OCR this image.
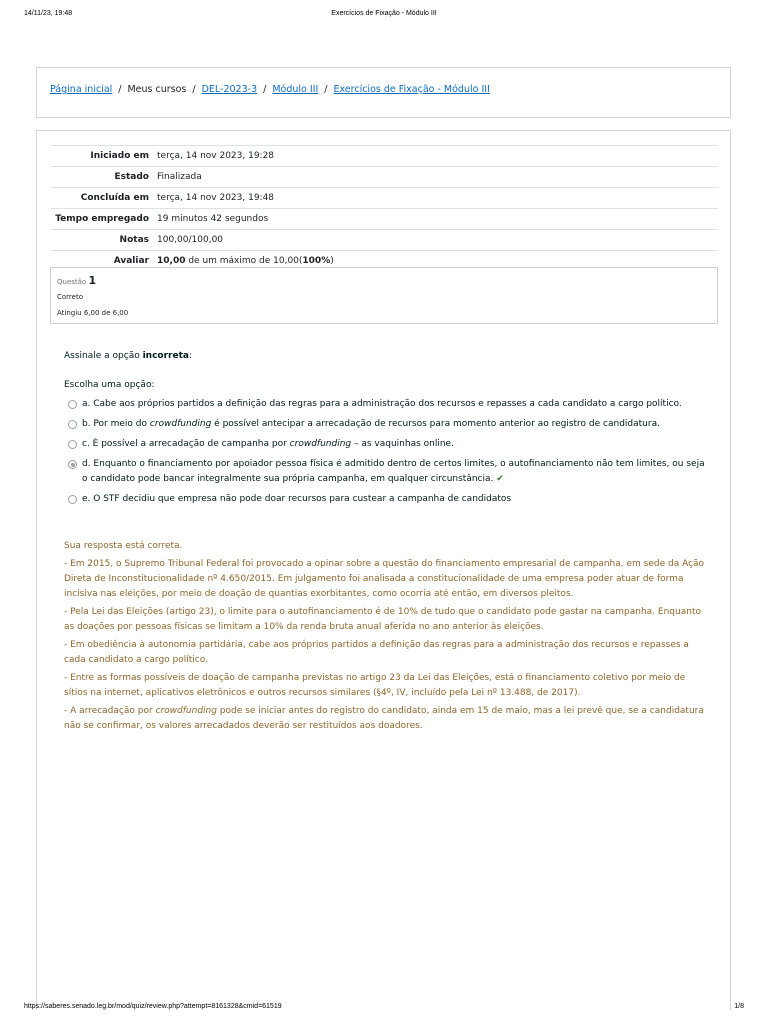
14/11/23, 19:48	Exercícios de Fixação - Módulo III
Página inicial / Meus cursos / DEL-2023-3 / Módulo III / Exercícios de Fixação - Módulo III
Iniciado em	terça, 14 nov 2023, 19:28
Estado	Finalizada
Concluída em	terça, 14 nov 2023, 19:48
Tempo empregado	19 minutos 42 segundos
Notas	100,00/100,00
Avaliar	10,00 de um máximo de 10,00(100%)
Questão 1
Correto
Atingiu 6,00 de 6,00
Assinale a opção incorreta:
Escolha uma opção:
a. Cabe aos próprios partidos a definição das regras para a administração dos recursos e repasses a cada candidato a cargo político.
b. Por meio do crowdfunding é possível antecipar a arrecadação de recursos para momento anterior ao registro de candidatura.
c. É possível a arrecadação de campanha por crowdfunding – as vaquinhas online.
d. Enquanto o financiamento por apoiador pessoa física é admitido dentro de certos limites, o autofinanciamento não tem limites, ou seja o candidato pode bancar integralmente sua própria campanha, em qualquer circunstância. ✔
e. O STF decidiu que empresa não pode doar recursos para custear a campanha de candidatos

Sua resposta está correta.

- Em 2015, o Supremo Tribunal Federal foi provocado a opinar sobre a questão do financiamento empresarial de campanha, em sede da Ação Direta de Inconstitucionalidade nº 4.650/2015. Em julgamento foi analisada a constitucionalidade de uma empresa poder atuar de forma incisiva nas eleições, por meio de doação de quantias exorbitantes, como ocorria até então, em diversos pleitos.

- Pela Lei das Eleições (artigo 23), o limite para o autofinanciamento é de 10% de tudo que o candidato pode gastar na campanha. Enquanto as doações por pessoas físicas se limitam a 10% da renda bruta anual aferida no ano anterior às eleições.

- Em obediência à autonomia partidária, cabe aos próprios partidos a definição das regras para a administração dos recursos e repasses a cada candidato a cargo político.

- Entre as formas possíveis de doação de campanha previstas no artigo 23 da Lei das Eleições, está o financiamento coletivo por meio de sítios na internet, aplicativos eletrônicos e outros recursos similares (§4º, IV, incluído pela Lei nº 13.488, de 2017).

- A arrecadação por crowdfunding pode se iniciar antes do registro do candidato, ainda em 15 de maio, mas a lei prevê que, se a candidatura não se confirmar, os valores arrecadados deverão ser restituídos aos doadores.

https://saberes.senado.leg.br/mod/quiz/review.php?attempt=8161328&cmid=61519	1/8
